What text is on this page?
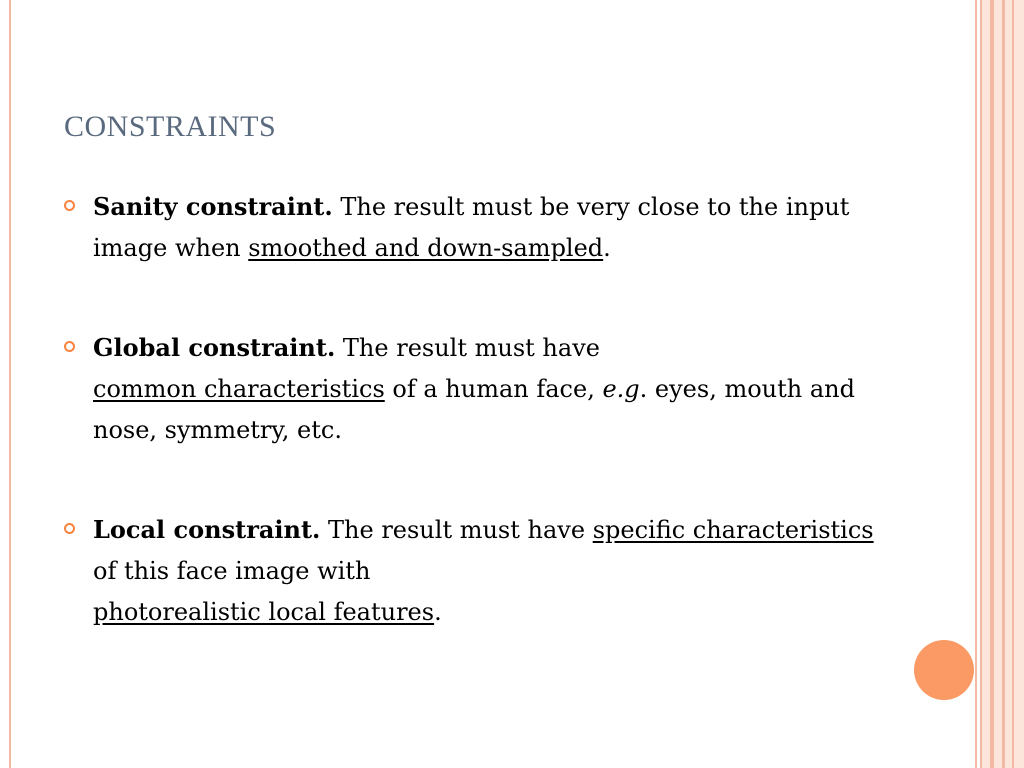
CONSTRAINTS
Sanity constraint. The result must be very close to the input image when smoothed and down-sampled.
Global constraint. The result must have
common characteristics of a human face, e.g. eyes, mouth and nose, symmetry, etc.
Local constraint. The result must have specific characteristics of this face image with
photorealistic local features.
